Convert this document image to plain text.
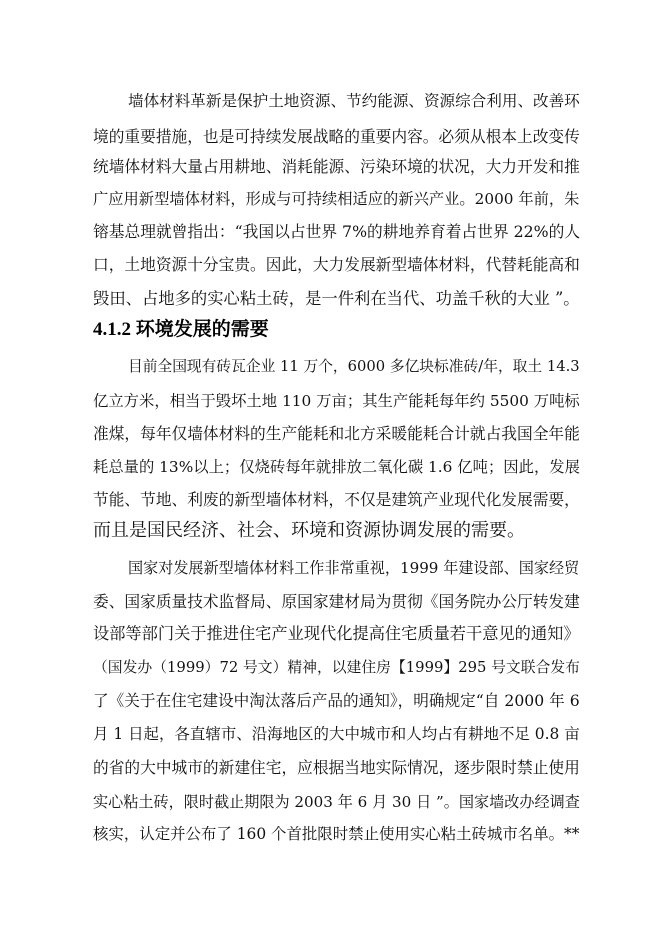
墙体材料革新是保护土地资源、节约能源、资源综合利用、改善环
境的重要措施，也是可持续发展战略的重要内容。必须从根本上改变传
统墙体材料大量占用耕地、消耗能源、污染环境的状况，大力开发和推
广应用新型墙体材料，形成与可持续相适应的新兴产业。2000 年前，朱
镕基总理就曾指出：“我国以占世界 7%的耕地养育着占世界 22%的人
口，土地资源十分宝贵。因此，大力发展新型墙体材料，代替耗能高和
毁田、占地多的实心粘土砖，是一件利在当代、功盖千秋的大业 ”。
4.1.2 环境发展的需要
目前全国现有砖瓦企业 11 万个，6000 多亿块标准砖/年，取土 14.3
亿立方米，相当于毁坏土地 110 万亩；其生产能耗每年约 5500 万吨标
准煤，每年仅墙体材料的生产能耗和北方采暖能耗合计就占我国全年能
耗总量的 13%以上；仅烧砖每年就排放二氧化碳 1.6 亿吨；因此，发展
节能、节地、利废的新型墙体材料，不仅是建筑产业现代化发展需要，
而且是国民经济、社会、环境和资源协调发展的需要。
国家对发展新型墙体材料工作非常重视，1999 年建设部、国家经贸
委、国家质量技术监督局、原国家建材局为贯彻《国务院办公厅转发建
设部等部门关于推进住宅产业现代化提高住宅质量若干意见的通知》
（国发办（1999）72 号文）精神，以建住房【1999】295 号文联合发布
了《关于在住宅建设中淘汰落后产品的通知》，明确规定“自 2000 年 6
月 1 日起，各直辖市、沿海地区的大中城市和人均占有耕地不足 0.8 亩
的省的大中城市的新建住宅，应根据当地实际情况，逐步限时禁止使用
实心粘土砖，限时截止期限为 2003 年 6 月 30 日 ”。国家墙改办经调查
核实，认定并公布了 160 个首批限时禁止使用实心粘土砖城市名单。**
